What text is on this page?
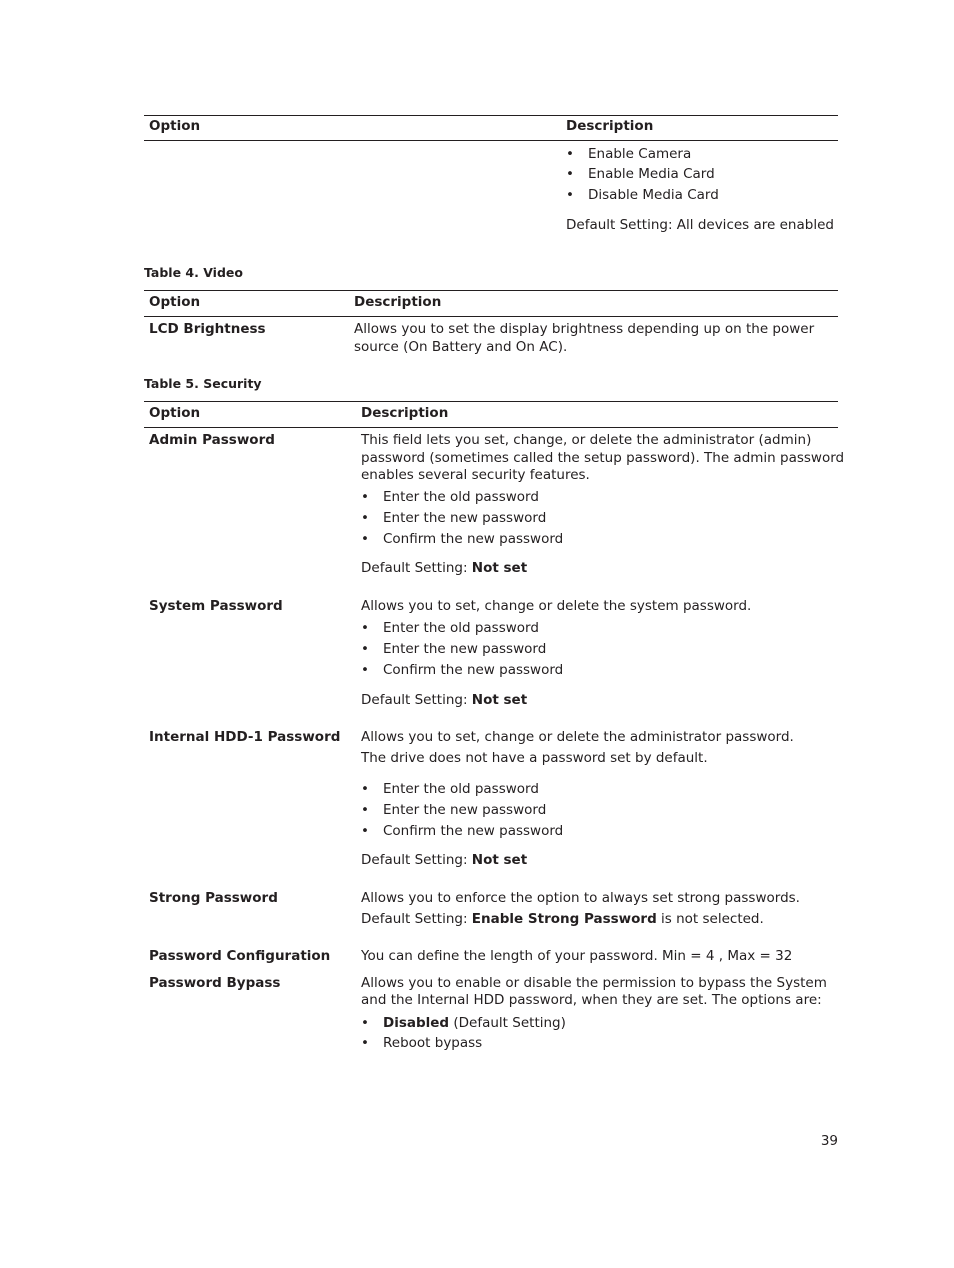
Option	Description
• Enable Camera
• Enable Media Card
• Disable Media Card
Default Setting: All devices are enabled
Table 4. Video
Option	Description
LCD Brightness	Allows you to set the display brightness depending up on the power
source (On Battery and On AC).
Table 5. Security
Option	Description
Admin Password	This field lets you set, change, or delete the administrator (admin)
password (sometimes called the setup password). The admin password
enables several security features.
• Enter the old password
• Enter the new password
• Confirm the new password
Default Setting: Not set
System Password	Allows you to set, change or delete the system password.
• Enter the old password
• Enter the new password
• Confirm the new password
Default Setting: Not set
Internal HDD-1 Password Allows you to set, change or delete the administrator password.
The drive does not have a password set by default.
• Enter the old password
• Enter the new password
• Confirm the new password
Default Setting: Not set
Strong Password	Allows you to enforce the option to always set strong passwords.
Default Setting: Enable Strong Password is not selected.
Password Configuration You can define the length of your password. Min = 4 , Max = 32
Password Bypass	Allows you to enable or disable the permission to bypass the System
and the Internal HDD password, when they are set. The options are:
• Disabled (Default Setting)
• Reboot bypass
39
